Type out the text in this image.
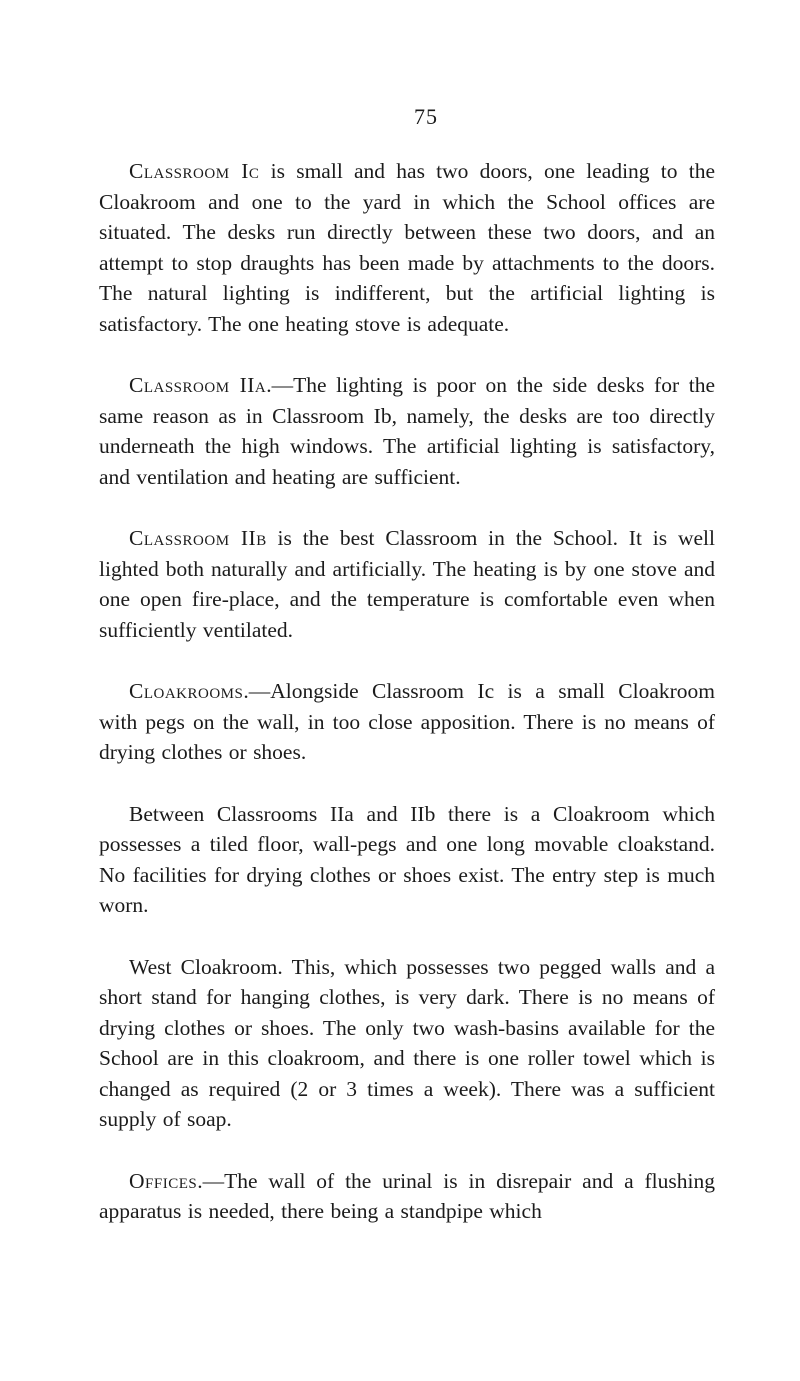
75

Classroom Ic is small and has two doors, one leading to the Cloakroom and one to the yard in which the School offices are situated. The desks run directly between these two doors, and an attempt to stop draughts has been made by attachments to the doors. The natural lighting is indifferent, but the artificial lighting is satisfactory. The one heating stove is adequate.

Classroom IIa.—The lighting is poor on the side desks for the same reason as in Classroom Ib, namely, the desks are too directly underneath the high windows. The artificial lighting is satisfactory, and ventilation and heating are sufficient.

Classroom IIb is the best Classroom in the School. It is well lighted both naturally and artificially. The heating is by one stove and one open fire-place, and the temperature is comfortable even when sufficiently ventilated.

Cloakrooms.—Alongside Classroom Ic is a small Cloakroom with pegs on the wall, in too close apposition. There is no means of drying clothes or shoes.

Between Classrooms IIa and IIb there is a Cloakroom which possesses a tiled floor, wall-pegs and one long movable cloakstand. No facilities for drying clothes or shoes exist. The entry step is much worn.

West Cloakroom. This, which possesses two pegged walls and a short stand for hanging clothes, is very dark. There is no means of drying clothes or shoes. The only two wash-basins available for the School are in this cloakroom, and there is one roller towel which is changed as required (2 or 3 times a week). There was a sufficient supply of soap.

Offices.—The wall of the urinal is in disrepair and a flushing apparatus is needed, there being a standpipe which
